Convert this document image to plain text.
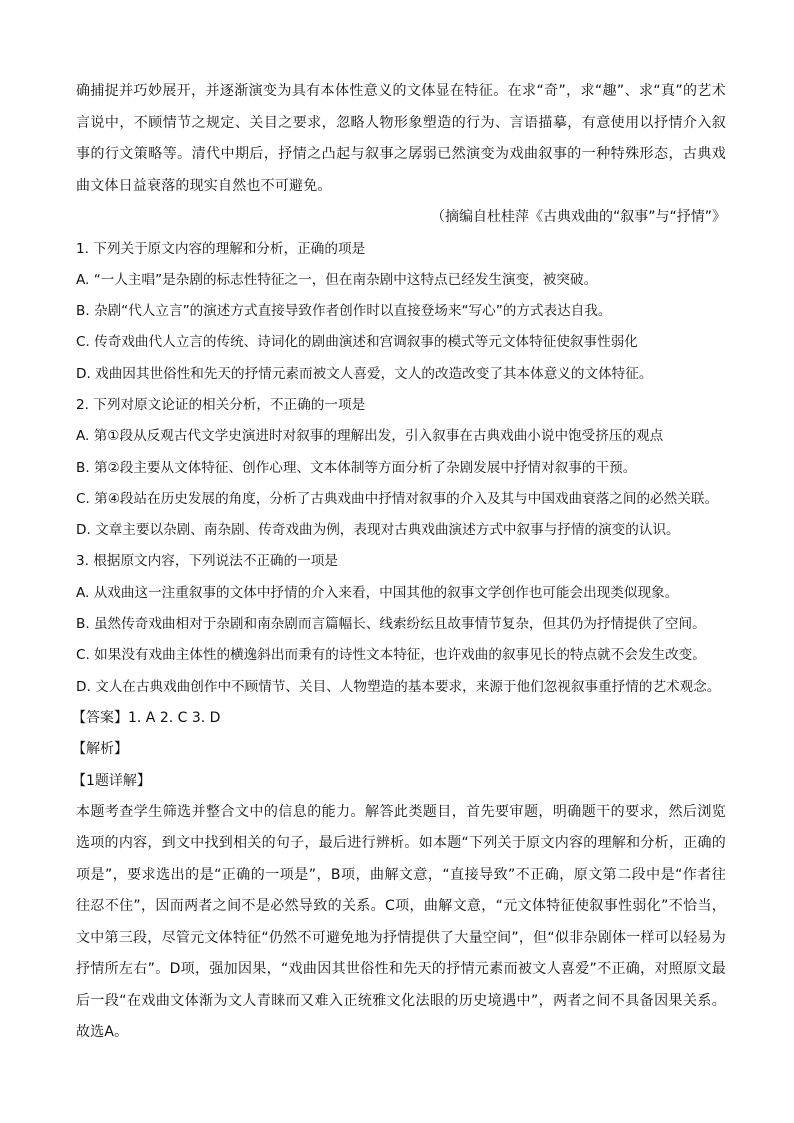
确捕捉并巧妙展开，并逐渐演变为具有本体性意义的文体显在特征。在求“奇”，求“趣”、求“真”的艺术言说中，不顾情节之规定、关目之要求，忽略人物形象塑造的行为、言语描摹，有意使用以抒情介入叙事的行文策略等。清代中期后，抒情之凸起与叙事之孱弱已然演变为戏曲叙事的一种特殊形态，古典戏曲文体日益衰落的现实自然也不可避免。

（摘编自杜桂萍《古典戏曲的“叙事”与“抒情”》

1. 下列关于原文内容的理解和分析，正确的项是

A. “一人主唱”是杂剧的标志性特征之一，但在南杂剧中这特点已经发生演变，被突破。

B. 杂剧“代人立言”的演述方式直接导致作者创作时以直接登场来“写心”的方式表达自我。

C. 传奇戏曲代人立言的传统、诗词化的剧曲演述和宫调叙事的模式等元文体特征使叙事性弱化

D. 戏曲因其世俗性和先天的抒情元素而被文人喜爱，文人的改造改变了其本体意义的文体特征。

2. 下列对原文论证的相关分析，不正确的一项是

A. 第①段从反观古代文学史演进时对叙事的理解出发，引入叙事在古典戏曲小说中饱受挤压的观点

B. 第②段主要从文体特征、创作心理、文本体制等方面分析了杂剧发展中抒情对叙事的干预。

C. 第④段站在历史发展的角度，分析了古典戏曲中抒情对叙事的介入及其与中国戏曲衰落之间的必然关联。

D. 文章主要以杂剧、南杂剧、传奇戏曲为例，表现对古典戏曲演述方式中叙事与抒情的演变的认识。

3. 根据原文内容，下列说法不正确的一项是

A. 从戏曲这一注重叙事的文体中抒情的介入来看，中国其他的叙事文学创作也可能会出现类似现象。

B. 虽然传奇戏曲相对于杂剧和南杂剧而言篇幅长、线索纷纭且故事情节复杂，但其仍为抒情提供了空间。

C. 如果没有戏曲主体性的横逸斜出而秉有的诗性文本特征，也许戏曲的叙事见长的特点就不会发生改变。

D. 文人在古典戏曲创作中不顾情节、关目、人物塑造的基本要求，来源于他们忽视叙事重抒情的艺术观念。

【答案】1. A 2. C 3. D

【解析】

【1题详解】

本题考查学生筛选并整合文中的信息的能力。解答此类题目，首先要审题，明确题干的要求，然后浏览选项的内容，到文中找到相关的句子，最后进行辨析。如本题“下列关于原文内容的理解和分析，正确的项是”，要求选出的是“正确的一项是”，B项，曲解文意，“直接导致”不正确，原文第二段中是“作者往往忍不住”，因而两者之间不是必然导致的关系。C项，曲解文意，“元文体特征使叙事性弱化”不恰当，文中第三段，尽管元文体特征“仍然不可避免地为抒情提供了大量空间”，但“似非杂剧体一样可以轻易为抒情所左右”。D项，强加因果，“戏曲因其世俗性和先天的抒情元素而被文人喜爱”不正确，对照原文最后一段“在戏曲文体渐为文人青睐而又难入正统雅文化法眼的历史境遇中”，两者之间不具备因果关系。故选A。
